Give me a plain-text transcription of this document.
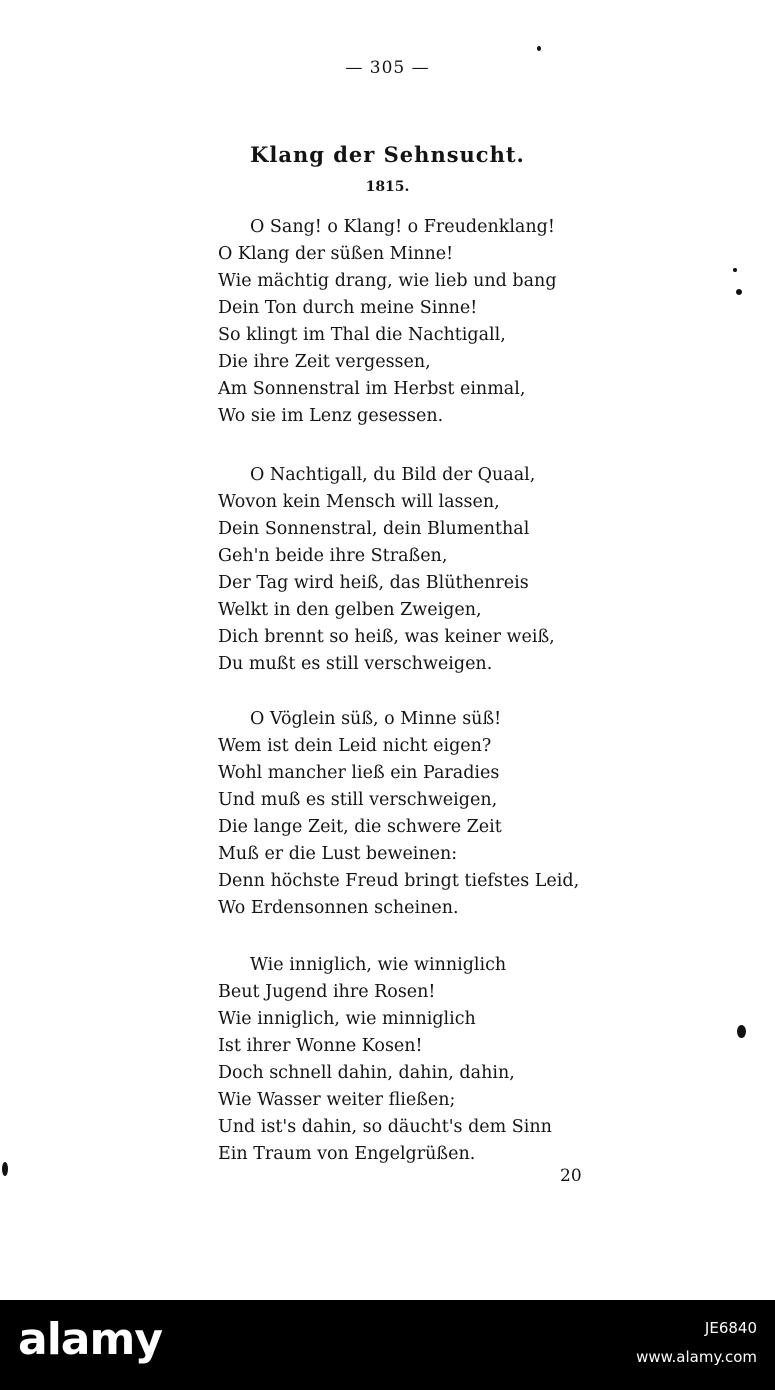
— 305 —
Klang der Sehnsucht.
1815.
O Sang! o Klang! o Freudenklang!
O Klang der süßen Minne!
Wie mächtig drang, wie lieb und bang
Dein Ton durch meine Sinne!
So klingt im Thal die Nachtigall,
Die ihre Zeit vergessen,
Am Sonnenstral im Herbst einmal,
Wo sie im Lenz gesessen.
O Nachtigall, du Bild der Quaal,
Wovon kein Mensch will lassen,
Dein Sonnenstral, dein Blumenthal
Geh'n beide ihre Straßen,
Der Tag wird heiß, das Blüthenreis
Welkt in den gelben Zweigen,
Dich brennt so heiß, was keiner weiß,
Du mußt es still verschweigen.
O Vöglein süß, o Minne süß!
Wem ist dein Leid nicht eigen?
Wohl mancher ließ ein Paradies
Und muß es still verschweigen,
Die lange Zeit, die schwere Zeit
Muß er die Lust beweinen:
Denn höchste Freud bringt tiefstes Leid,
Wo Erdensonnen scheinen.
Wie inniglich, wie winniglich
Beut Jugend ihre Rosen!
Wie inniglich, wie minniglich
Ist ihrer Wonne Kosen!
Doch schnell dahin, dahin, dahin,
Wie Wasser weiter fließen;
Und ist's dahin, so däucht's dem Sinn
Ein Traum von Engelgrüßen.
20
alamy	JE6840
www.alamy.com
